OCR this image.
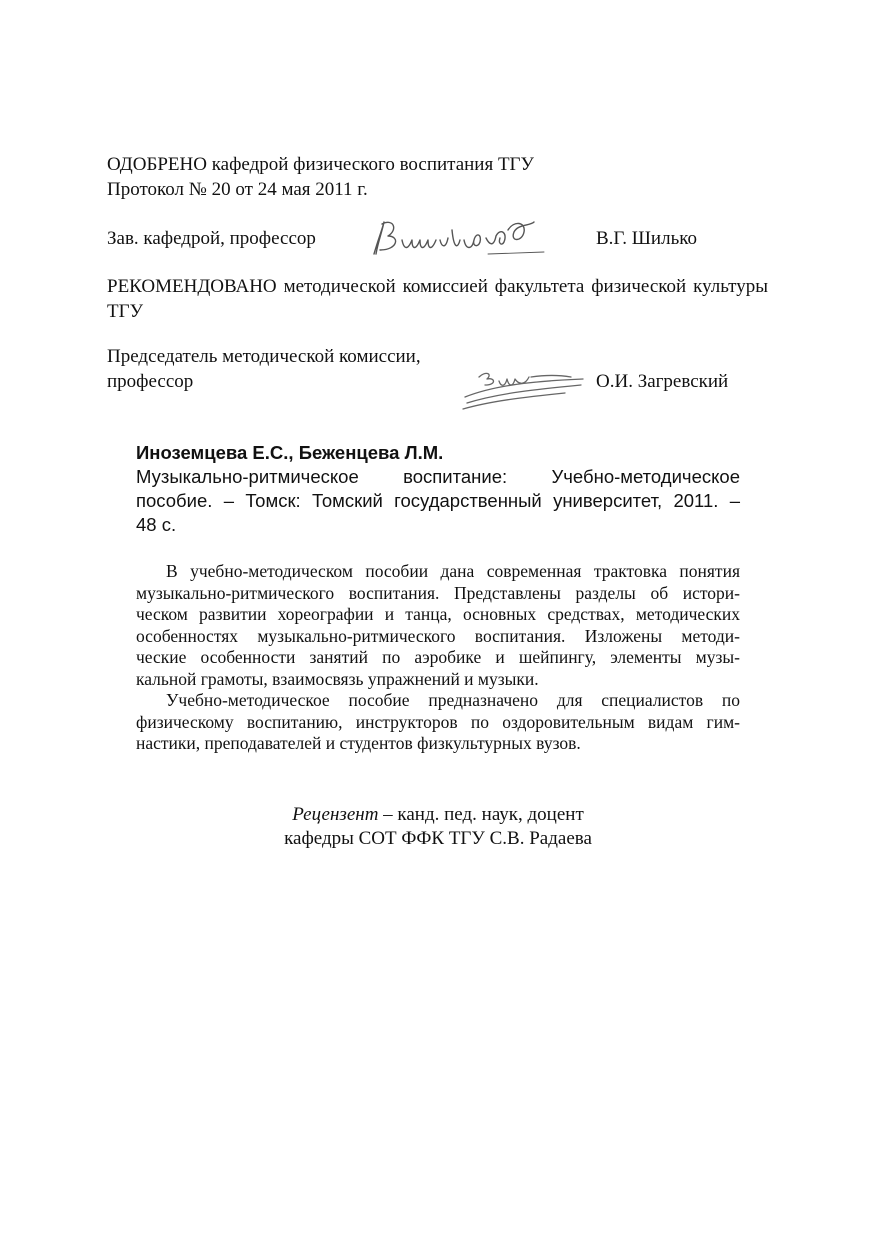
ОДОБРЕНО кафедрой физического воспитания ТГУ
Протокол № 20 от 24 мая 2011 г.
Зав. кафедрой, профессор	В.Г. Шилько
РЕКОМЕНДОВАНО методической комиссией факультета физической культуры ТГУ
Председатель методической комиссии,
профессор	О.И. Загревский
Иноземцева Е.С., Беженцева Л.М.
Музыкально-ритмическое воспитание: Учебно-методическое
пособие. – Томск: Томский государственный университет, 2011. –
48 с.
В учебно-методическом пособии дана современная трактовка понятия
музыкально-ритмического воспитания. Представлены разделы об истори-
ческом развитии хореографии и танца, основных средствах, методических
особенностях музыкально-ритмического воспитания. Изложены методи-
ческие особенности занятий по аэробике и шейпингу, элементы музы-
кальной грамоты, взаимосвязь упражнений и музыки.
Учебно-методическое пособие предназначено для специалистов по
физическому воспитанию, инструкторов по оздоровительным видам гим-
настики, преподавателей и студентов физкультурных вузов.
Рецензент – канд. пед. наук, доцент
кафедры СОТ ФФК ТГУ С.В. Радаева
